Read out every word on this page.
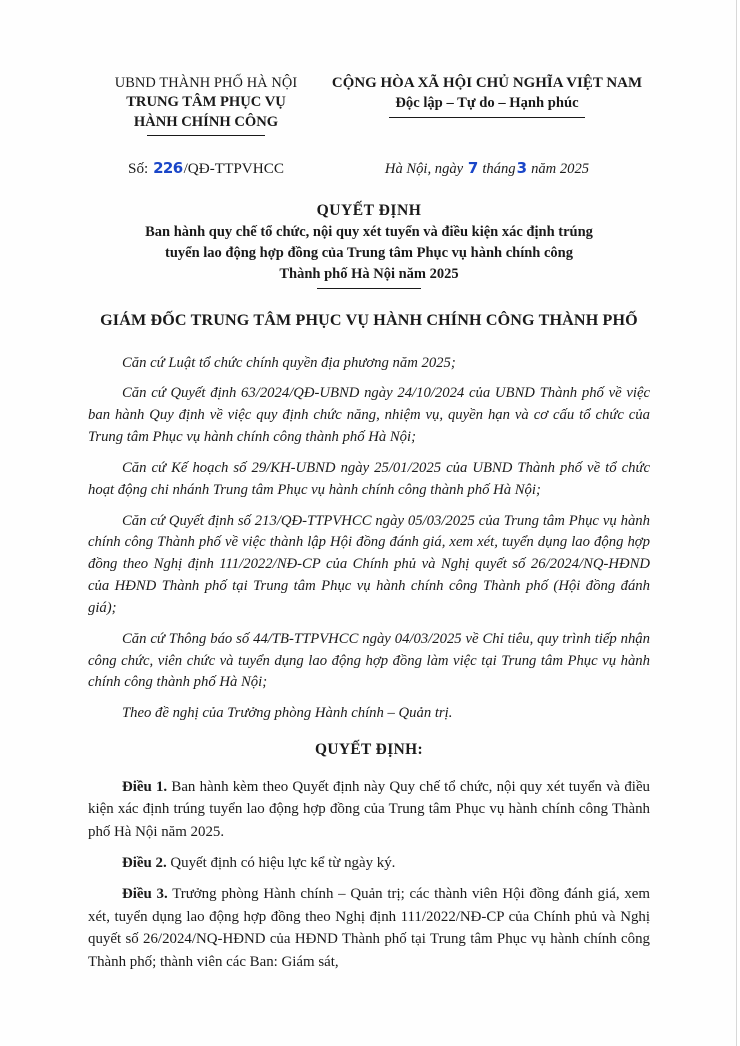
UBND THÀNH PHỐ HÀ NỘI
TRUNG TÂM PHỤC VỤ
HÀNH CHÍNH CÔNG
CỘNG HÒA XÃ HỘI CHỦ NGHĨA VIỆT NAM
Độc lập – Tự do – Hạnh phúc
Số: 226/QĐ-TTPVHCC	Hà Nội, ngày 7 tháng3 năm 2025
QUYẾT ĐỊNH
Ban hành quy chế tổ chức, nội quy xét tuyển và điều kiện xác định trúng
tuyển lao động hợp đồng của Trung tâm Phục vụ hành chính công
Thành phố Hà Nội năm 2025
GIÁM ĐỐC TRUNG TÂM PHỤC VỤ HÀNH CHÍNH CÔNG THÀNH PHỐ

Căn cứ Luật tổ chức chính quyền địa phương năm 2025;

Căn cứ Quyết định 63/2024/QĐ-UBND ngày 24/10/2024 của UBND Thành phố về việc ban hành Quy định về việc quy định chức năng, nhiệm vụ, quyền hạn và cơ cấu tổ chức của Trung tâm Phục vụ hành chính công thành phố Hà Nội;

Căn cứ Kế hoạch số 29/KH-UBND ngày 25/01/2025 của UBND Thành phố về tổ chức hoạt động chi nhánh Trung tâm Phục vụ hành chính công thành phố Hà Nội;

Căn cứ Quyết định số 213/QĐ-TTPVHCC ngày 05/03/2025 của Trung tâm Phục vụ hành chính công Thành phố về việc thành lập Hội đồng đánh giá, xem xét, tuyển dụng lao động hợp đồng theo Nghị định 111/2022/NĐ-CP của Chính phủ và Nghị quyết số 26/2024/NQ-HĐND của HĐND Thành phố tại Trung tâm Phục vụ hành chính công Thành phố (Hội đồng đánh giá);

Căn cứ Thông báo số 44/TB-TTPVHCC ngày 04/03/2025 về Chỉ tiêu, quy trình tiếp nhận công chức, viên chức và tuyển dụng lao động hợp đồng làm việc tại Trung tâm Phục vụ hành chính công thành phố Hà Nội;

Theo đề nghị của Trưởng phòng Hành chính – Quản trị.

QUYẾT ĐỊNH:

Điều 1. Ban hành kèm theo Quyết định này Quy chế tổ chức, nội quy xét tuyển và điều kiện xác định trúng tuyển lao động hợp đồng của Trung tâm Phục vụ hành chính công Thành phố Hà Nội năm 2025.

Điều 2. Quyết định có hiệu lực kể từ ngày ký.

Điều 3. Trưởng phòng Hành chính – Quản trị; các thành viên Hội đồng đánh giá, xem xét, tuyển dụng lao động hợp đồng theo Nghị định 111/2022/NĐ-CP của Chính phủ và Nghị quyết số 26/2024/NQ-HĐND của HĐND Thành phố tại Trung tâm Phục vụ hành chính công Thành phố; thành viên các Ban: Giám sát,
